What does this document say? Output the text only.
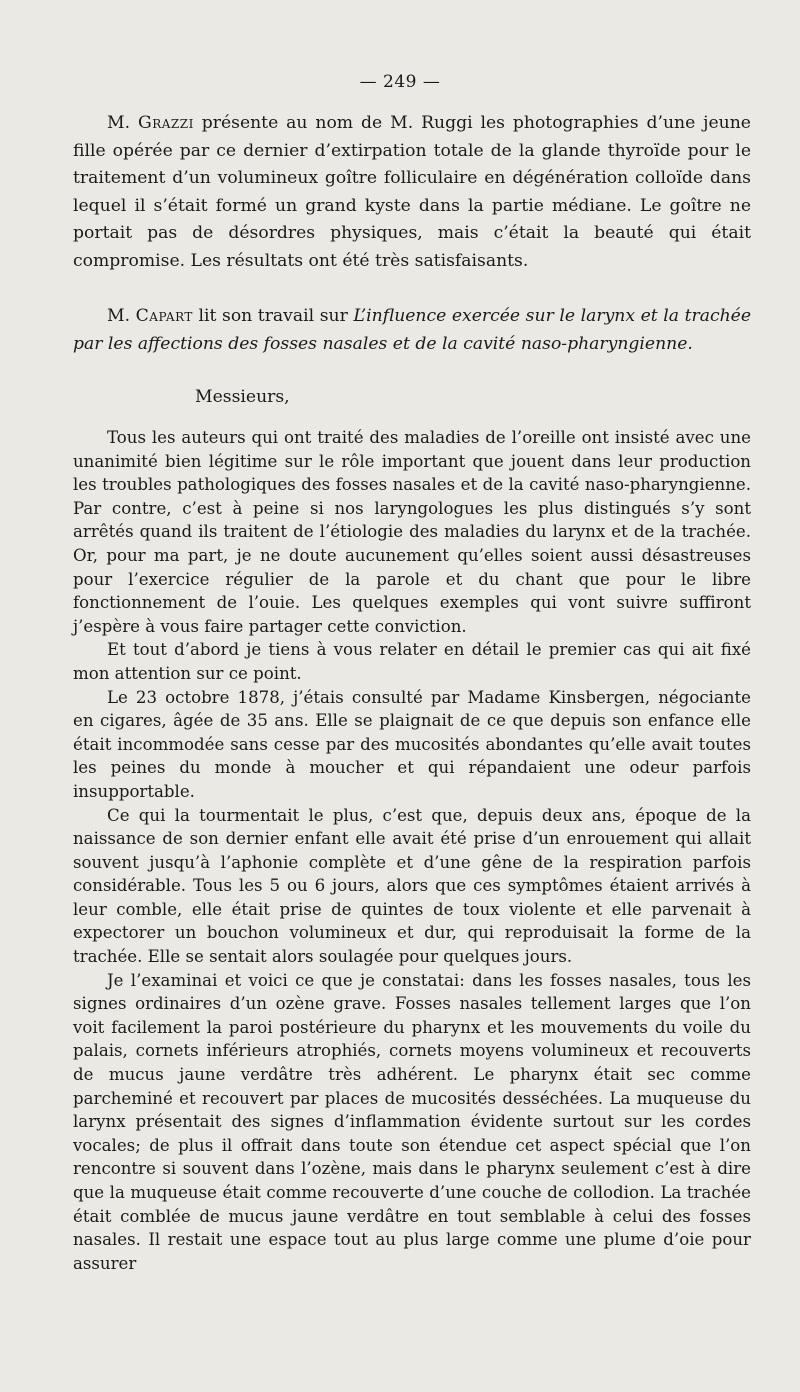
— 249 —

M. Grazzi présente au nom de M. Ruggi les photographies d’une jeune fille opérée par ce dernier d’extirpation totale de la glande thyroïde pour le traitement d’un volumineux goître folliculaire en dégénération colloïde dans lequel il s’était formé un grand kyste dans la partie médiane. Le goître ne portait pas de désordres physiques, mais c’était la beauté qui était compromise. Les résultats ont été très satisfaisants.

M. Capart lit son travail sur L’influence exercée sur le larynx et la trachée par les affections des fosses nasales et de la cavité naso-pharyngienne.

Messieurs,

Tous les auteurs qui ont traité des maladies de l’oreille ont insisté avec une unanimité bien légitime sur le rôle important que jouent dans leur production les troubles pathologiques des fosses nasales et de la cavité naso-pharyngienne. Par contre, c’est à peine si nos laryngologues les plus distingués s’y sont arrêtés quand ils traitent de l’étiologie des maladies du larynx et de la trachée. Or, pour ma part, je ne doute aucunement qu’elles soient aussi désastreuses pour l’exercice régulier de la parole et du chant que pour le libre fonctionnement de l’ouie. Les quelques exemples qui vont suivre suffiront j’espère à vous faire partager cette conviction.

Et tout d’abord je tiens à vous relater en détail le premier cas qui ait fixé mon attention sur ce point.

Le 23 octobre 1878, j’étais consulté par Madame Kinsbergen, négociante en cigares, âgée de 35 ans. Elle se plaignait de ce que depuis son enfance elle était incommodée sans cesse par des mucosités abondantes qu’elle avait toutes les peines du monde à moucher et qui répandaient une odeur parfois insupportable.

Ce qui la tourmentait le plus, c’est que, depuis deux ans, époque de la naissance de son dernier enfant elle avait été prise d’un enrouement qui allait souvent jusqu’à l’aphonie complète et d’une gêne de la respiration parfois considérable. Tous les 5 ou 6 jours, alors que ces symptômes étaient arrivés à leur comble, elle était prise de quintes de toux violente et elle parvenait à expectorer un bouchon volumineux et dur, qui reproduisait la forme de la trachée. Elle se sentait alors soulagée pour quelques jours.

Je l’examinai et voici ce que je constatai: dans les fosses nasales, tous les signes ordinaires d’un ozène grave. Fosses nasales tellement larges que l’on voit facilement la paroi postérieure du pharynx et les mouvements du voile du palais, cornets inférieurs atrophiés, cornets moyens volumineux et recouverts de mucus jaune verdâtre très adhérent. Le pharynx était sec comme parcheminé et recouvert par places de mucosités desséchées. La muqueuse du larynx présentait des signes d’inflammation évidente surtout sur les cordes vocales; de plus il offrait dans toute son étendue cet aspect spécial que l’on rencontre si souvent dans l’ozène, mais dans le pharynx seulement c’est à dire que la muqueuse était comme recouverte d’une couche de collodion. La trachée était comblée de mucus jaune verdâtre en tout semblable à celui des fosses nasales. Il restait une espace tout au plus large comme une plume d’oie pour assurer
